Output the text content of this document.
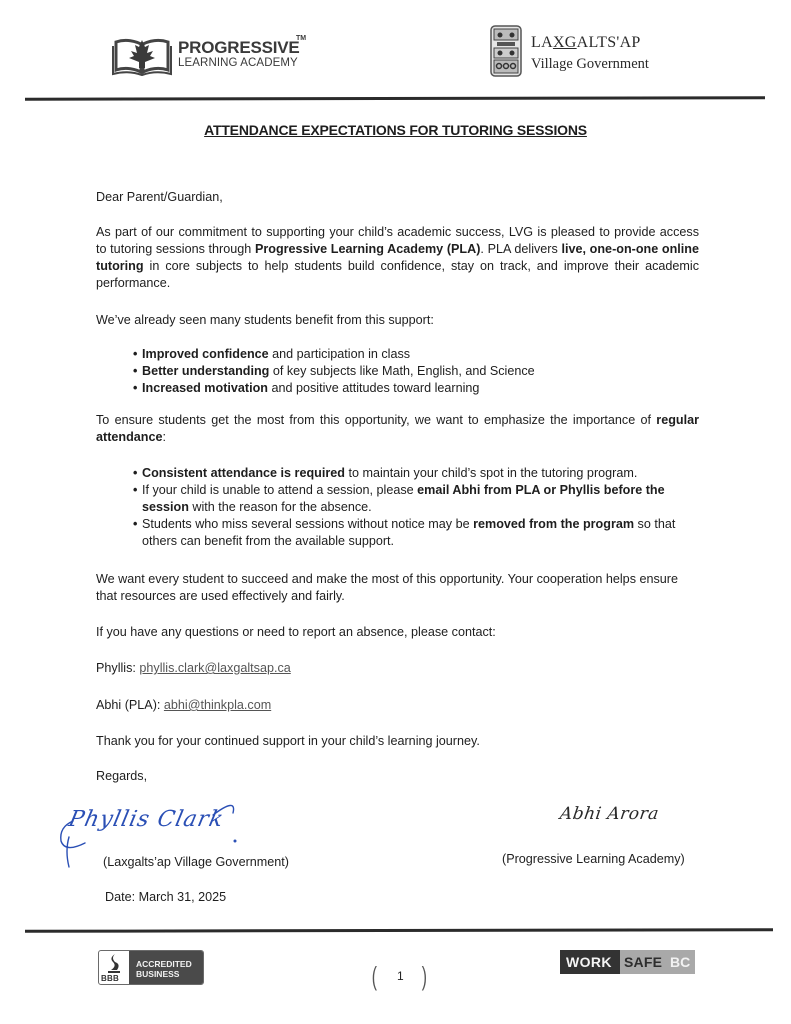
PROGRESSIVE
TM
LEARNING ACADEMY
LAXGALTS'AP
Village Government
ATTENDANCE EXPECTATIONS FOR TUTORING SESSIONS
Dear Parent/Guardian,
As part of our commitment to supporting your child’s academic success, LVG is pleased to provide access to tutoring sessions through Progressive Learning Academy (PLA). PLA delivers live, one-on-one online tutoring in core subjects to help students build confidence, stay on track, and improve their academic performance.
We’ve already seen many students benefit from this support:
• Improved confidence and participation in class
• Better understanding of key subjects like Math, English, and Science
• Increased motivation and positive attitudes toward learning
To ensure students get the most from this opportunity, we want to emphasize the importance of regular attendance:
• Consistent attendance is required to maintain your child’s spot in the tutoring program.
• If your child is unable to attend a session, please email Abhi from PLA or Phyllis before the session with the reason for the absence.
• Students who miss several sessions without notice may be removed from the program so that others can benefit from the available support.
We want every student to succeed and make the most of this opportunity. Your cooperation helps ensure that resources are used effectively and fairly.
If you have any questions or need to report an absence, please contact:
Phyllis: phyllis.clark@laxgaltsap.ca
Abhi (PLA): abhi@thinkpla.com
Thank you for your continued support in your child’s learning journey.
Regards,
Phyllis Clark	Abhi Arora
(Laxgalts’ap Village Government)	(Progressive Learning Academy)
Date: March 31, 2025
BBB
ACCREDITED
BUSINESS	( 1 )	WORK SAFE BC
